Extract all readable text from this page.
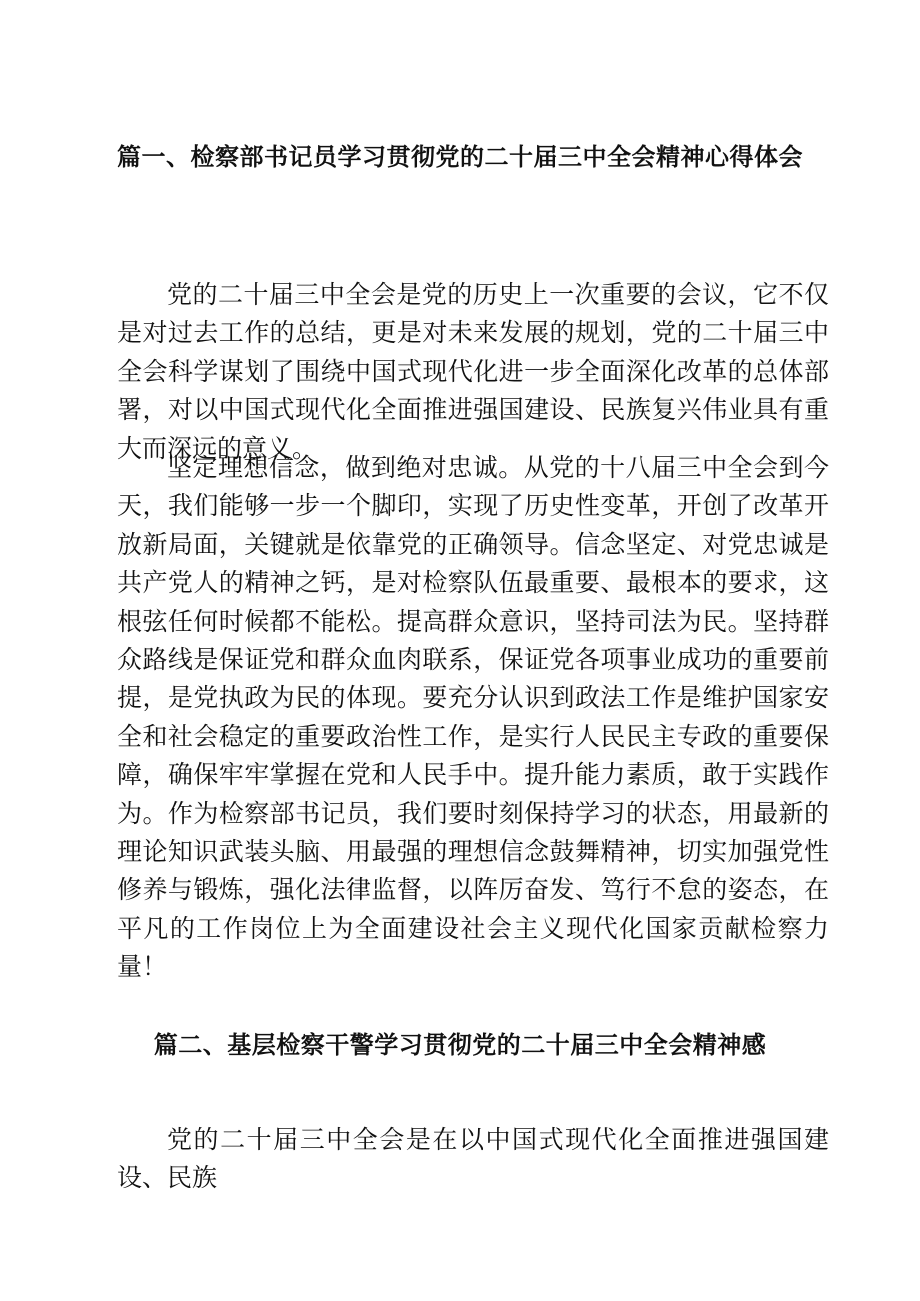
篇一、检察部书记员学习贯彻党的二十届三中全会精神心得体会

党的二十届三中全会是党的历史上一次重要的会议，它不仅是对过去工作的总结，更是对未来发展的规划，党的二十届三中全会科学谋划了围绕中国式现代化进一步全面深化改革的总体部署，对以中国式现代化全面推进强国建设、民族复兴伟业具有重大而深远的意义。

坚定理想信念，做到绝对忠诚。从党的十八届三中全会到今天，我们能够一步一个脚印，实现了历史性变革，开创了改革开放新局面，关键就是依靠党的正确领导。信念坚定、对党忠诚是共产党人的精神之钙，是对检察队伍最重要、最根本的要求，这根弦任何时候都不能松。提高群众意识，坚持司法为民。坚持群众路线是保证党和群众血肉联系，保证党各项事业成功的重要前提，是党执政为民的体现。要充分认识到政法工作是维护国家安全和社会稳定的重要政治性工作，是实行人民民主专政的重要保障，确保牢牢掌握在党和人民手中。提升能力素质，敢于实践作为。作为检察部书记员，我们要时刻保持学习的状态，用最新的理论知识武装头脑、用最强的理想信念鼓舞精神，切实加强党性修养与锻炼，强化法律监督，以阵厉奋发、笃行不怠的姿态，在平凡的工作岗位上为全面建设社会主义现代化国家贡献检察力量！

篇二、基层检察干警学习贯彻党的二十届三中全会精神感

党的二十届三中全会是在以中国式现代化全面推进强国建设、民族
